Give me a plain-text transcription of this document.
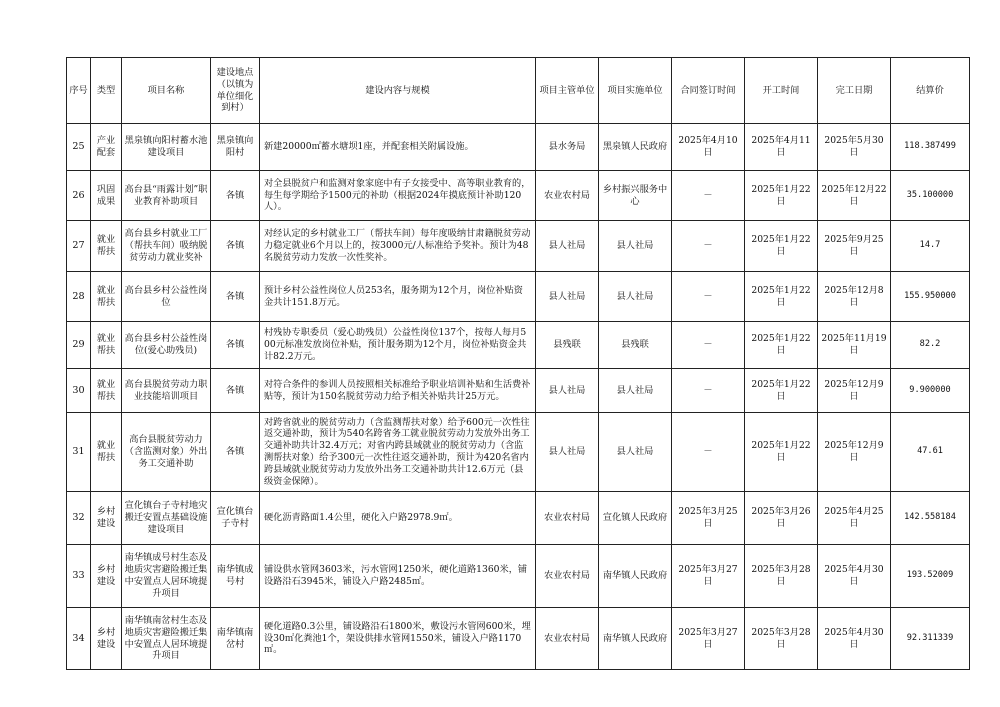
序号	类型	项目名称	建设地点（以镇为单位细化到村）	建设内容与规模	项目主管单位	项目实施单位	合同签订时间	开工时间	完工日期	结算价
25	产业配套	黑泉镇向阳村蓄水池建设项目	黑泉镇向阳村	新建20000㎡蓄水塘坝1座，并配套相关附属设施。	县水务局	黑泉镇人民政府	2025年4月10日	2025年4月11日	2025年5月30日	118.387499
26	巩固成果	高台县“雨露计划”职业教育补助项目	各镇	对全县脱贫户和监测对象家庭中有子女接受中、高等职业教育的，每生每学期给予1500元的补助（根据2024年摸底预计补助120人）。	农业农村局	乡村振兴服务中心	－	2025年1月22日	2025年12月22日	35.100000
27	就业帮扶	高台县乡村就业工厂（帮扶车间）吸纳脱贫劳动力就业奖补	各镇	对经认定的乡村就业工厂（帮扶车间）每年度吸纳甘肃籍脱贫劳动力稳定就业6个月以上的，按3000元/人标准给予奖补。预计为48名脱贫劳动力发放一次性奖补。	县人社局	县人社局	－	2025年1月22日	2025年9月25日	14.7
28	就业帮扶	高台县乡村公益性岗位	各镇	预计乡村公益性岗位人员253名，服务期为12个月，岗位补贴资金共计151.8万元。	县人社局	县人社局	－	2025年1月22日	2025年12月8日	155.950000
29	就业帮扶	高台县乡村公益性岗位(爱心助残员)	各镇	村残协专职委员（爱心助残员）公益性岗位137个，按每人每月500元标准发放岗位补贴，预计服务期为12个月，岗位补贴资金共计82.2万元。	县残联	县残联	－	2025年1月22日	2025年11月19日	82.2
30	就业帮扶	高台县脱贫劳动力职业技能培训项目	各镇	对符合条件的参训人员按照相关标准给予职业培训补贴和生活费补贴等，预计为150名脱贫劳动力给予相关补贴共计25万元。	县人社局	县人社局	－	2025年1月22日	2025年12月9日	9.900000
31	就业帮扶	高台县脱贫劳动力（含监测对象）外出务工交通补助	各镇	对跨省就业的脱贫劳动力（含监测帮扶对象）给予600元一次性往返交通补助，预计为540名跨省务工就业脱贫劳动力发放外出务工交通补助共计32.4万元；对省内跨县域就业的脱贫劳动力（含监测帮扶对象）给予300元一次性往返交通补助，预计为420名省内跨县域就业脱贫劳动力发放外出务工交通补助共计12.6万元（县级资金保障）。	县人社局	县人社局	－	2025年1月22日	2025年12月9日	47.61
32	乡村建设	宣化镇台子寺村地灾搬迁安置点基础设施建设项目	宣化镇台子寺村	硬化沥青路面1.4公里，硬化入户路2978.9㎡。	农业农村局	宣化镇人民政府	2025年3月25日	2025年3月26日	2025年4月25日	142.558184
33	乡村建设	南华镇成号村生态及地质灾害避险搬迁集中安置点人居环境提升项目	南华镇成号村	铺设供水管网3603米，污水管网1250米，硬化道路1360米，铺设路沿石3945米，铺设入户路2485㎡。	农业农村局	南华镇人民政府	2025年3月27日	2025年3月28日	2025年4月30日	193.52009
34	乡村建设	南华镇南岔村生态及地质灾害避险搬迁集中安置点人居环境提升项目	南华镇南岔村	硬化道路0.3公里，铺设路沿石1800米，敷设污水管网600米，埋设30㎡化粪池1个，架设供排水管网1550米，铺设入户路1170㎡。	农业农村局	南华镇人民政府	2025年3月27日	2025年3月28日	2025年4月30日	92.311339
